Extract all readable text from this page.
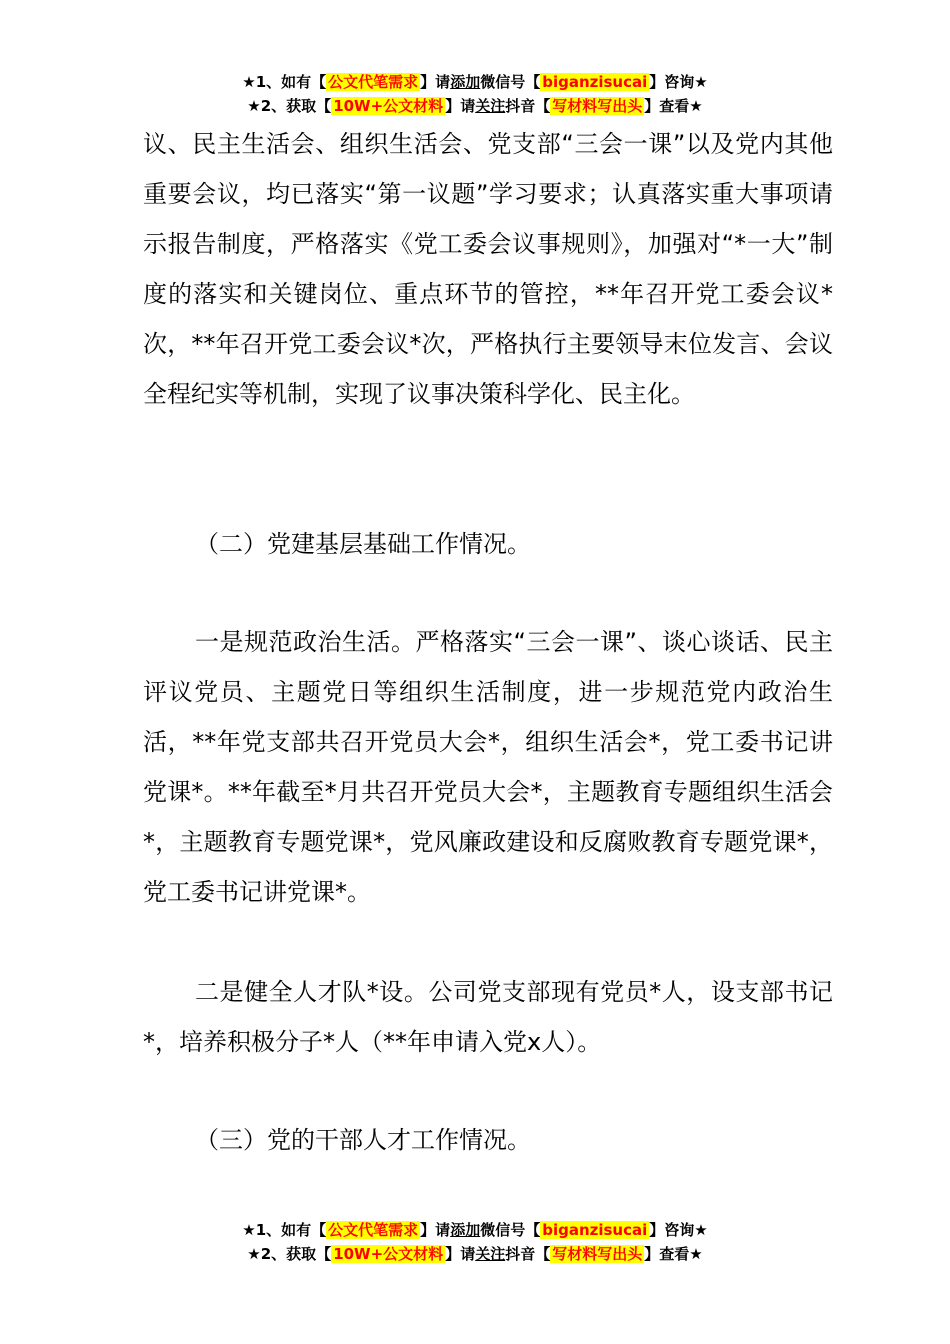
★1、如有【 公文代笔需求 】请添加微信号【 biganzisucai 】咨询★
★2、获取【 10W+公文材料 】请关注抖音【 写材料写出头 】查看★

议、民主生活会、组织生活会、党支部“三会一课”以及党内其他重要会议，均已落实“第一议题”学习要求；认真落实重大事项请示报告制度，严格落实《党工委会议事规则》，加强对“*一大”制度的落实和关键岗位、重点环节的管控，**年召开党工委会议*次，**年召开党工委会议*次，严格执行主要领导末位发言、会议全程纪实等机制，实现了议事决策科学化、民主化。

（二）党建基层基础工作情况。

一是规范政治生活。严格落实“三会一课”、谈心谈话、民主评议党员、主题党日等组织生活制度，进一步规范党内政治生活，**年党支部共召开党员大会*，组织生活会*，党工委书记讲党课*。**年截至*月共召开党员大会*，主题教育专题组织生活会*，主题教育专题党课*，党风廉政建设和反腐败教育专题党课*，党工委书记讲党课*。

二是健全人才队*设。公司党支部现有党员*人，设支部书记*，培养积极分子*人（**年申请入党x人）。

（三）党的干部人才工作情况。

★1、如有【 公文代笔需求 】请添加微信号【 biganzisucai 】咨询★
★2、获取【 10W+公文材料 】请关注抖音【 写材料写出头 】查看★
